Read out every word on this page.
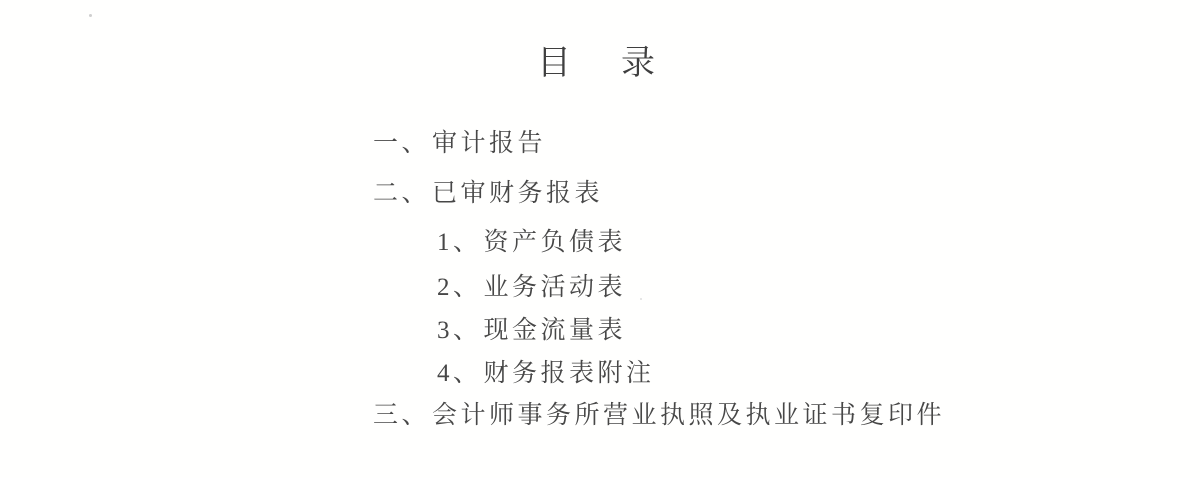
目　录
一、审计报告
二、已审财务报表
1、资产负债表
2、业务活动表
3、现金流量表
4、财务报表附注
三、会计师事务所营业执照及执业证书复印件
